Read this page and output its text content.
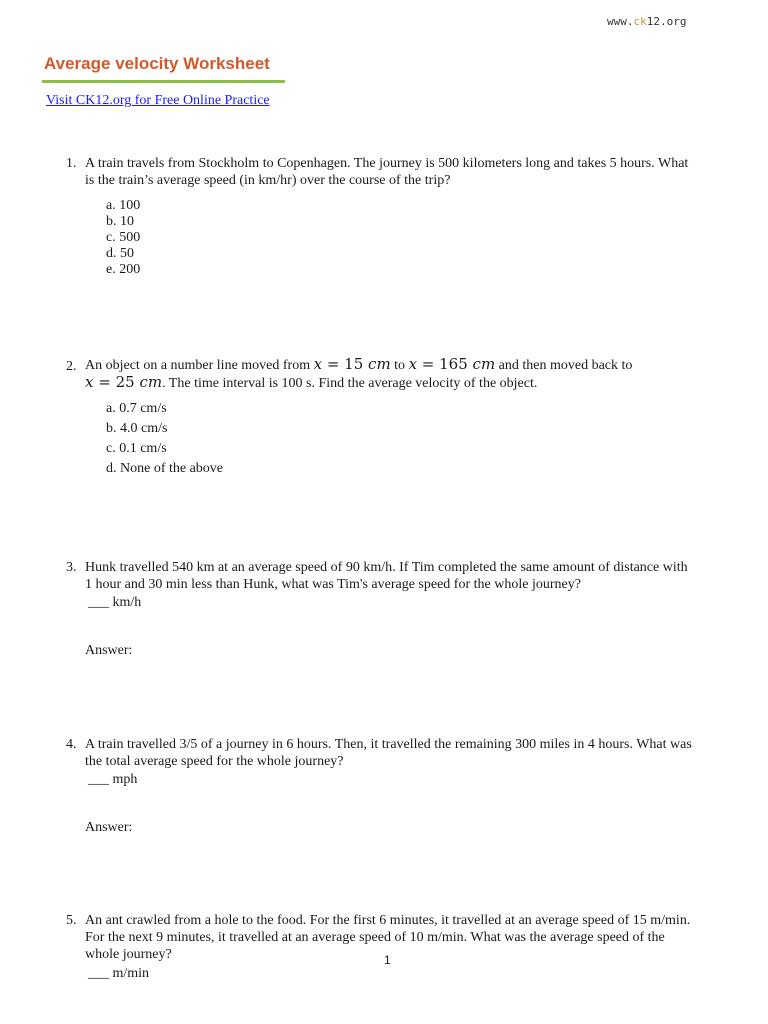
www.ck12.org
Average velocity Worksheet
Visit CK12.org for Free Online Practice
1. A train travels from Stockholm to Copenhagen. The journey is 500 kilometers long and takes 5 hours. What
is the train’s average speed (in km/hr) over the course of the trip?
a. 100
b. 10
c. 500
d. 50
e. 200
2. An object on a number line moved from x = 15 cm to x = 165 cm and then moved back to
x = 25 cm. The time interval is 100 s. Find the average velocity of the object.
a. 0.7 cm/s
b. 4.0 cm/s
c. 0.1 cm/s
d. None of the above
3. Hunk travelled 540 km at an average speed of 90 km/h. If Tim completed the same amount of distance with
1 hour and 30 min less than Hunk, what was Tim's average speed for the whole journey?
___ km/h
Answer:
4. A train travelled 3/5 of a journey in 6 hours. Then, it travelled the remaining 300 miles in 4 hours. What was
the total average speed for the whole journey?
___ mph
Answer:
5. An ant crawled from a hole to the food. For the first 6 minutes, it travelled at an average speed of 15 m/min.
For the next 9 minutes, it travelled at an average speed of 10 m/min. What was the average speed of the
whole journey?
___ m/min
1
